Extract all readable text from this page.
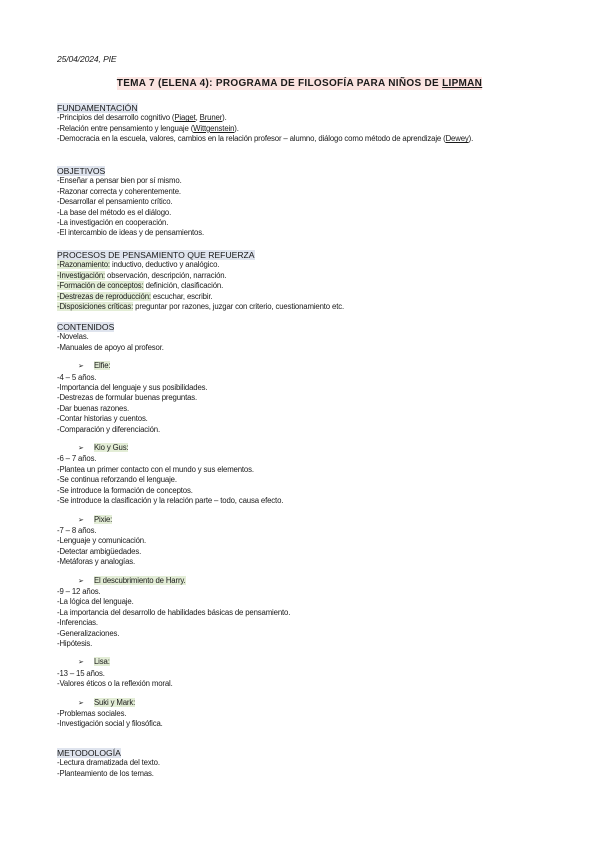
25/04/2024, PIE
TEMA 7 (ELENA 4): PROGRAMA DE FILOSOFÍA PARA NIÑOS DE LIPMAN
FUNDAMENTACIÓN
-Principios del desarrollo cognitivo (Piaget, Bruner).
-Relación entre pensamiento y lenguaje (Wittgenstein).
-Democracia en la escuela, valores, cambios en la relación profesor – alumno, diálogo como método de aprendizaje (Dewey).
OBJETIVOS
-Enseñar a pensar bien por sí mismo.
-Razonar correcta y coherentemente.
-Desarrollar el pensamiento crítico.
-La base del método es el diálogo.
-La investigación en cooperación.
-El intercambio de ideas y de pensamientos.
PROCESOS DE PENSAMIENTO QUE REFUERZA
-Razonamiento: inductivo, deductivo y analógico.
-Investigación: observación, descripción, narración.
-Formación de conceptos: definición, clasificación.
-Destrezas de reproducción: escuchar, escribir.
-Disposiciones críticas: preguntar por razones, juzgar con criterio, cuestionamiento etc.
CONTENIDOS
-Novelas.
-Manuales de apoyo al profesor.
➢ Elfie:
-4 – 5 años.
-Importancia del lenguaje y sus posibilidades.
-Destrezas de formular buenas preguntas.
-Dar buenas razones.
-Contar historias y cuentos.
-Comparación y diferenciación.
➢ Kio y Gus:
-6 – 7 años.
-Plantea un primer contacto con el mundo y sus elementos.
-Se continua reforzando el lenguaje.
-Se introduce la formación de conceptos.
-Se introduce la clasificación y la relación parte – todo, causa efecto.
➢ Pixie:
-7 – 8 años.
-Lenguaje y comunicación.
-Detectar ambigüedades.
-Metáforas y analogías.
➢ El descubrimiento de Harry.
-9 – 12 años.
-La lógica del lenguaje.
-La importancia del desarrollo de habilidades básicas de pensamiento.
-Inferencias.
-Generalizaciones.
-Hipótesis.
➢ Lisa:
-13 – 15 años.
-Valores éticos o la reflexión moral.
➢ Suki y Mark:
-Problemas sociales.
-Investigación social y filosófica.
METODOLOGÍA
-Lectura dramatizada del texto.
-Planteamiento de los temas.
